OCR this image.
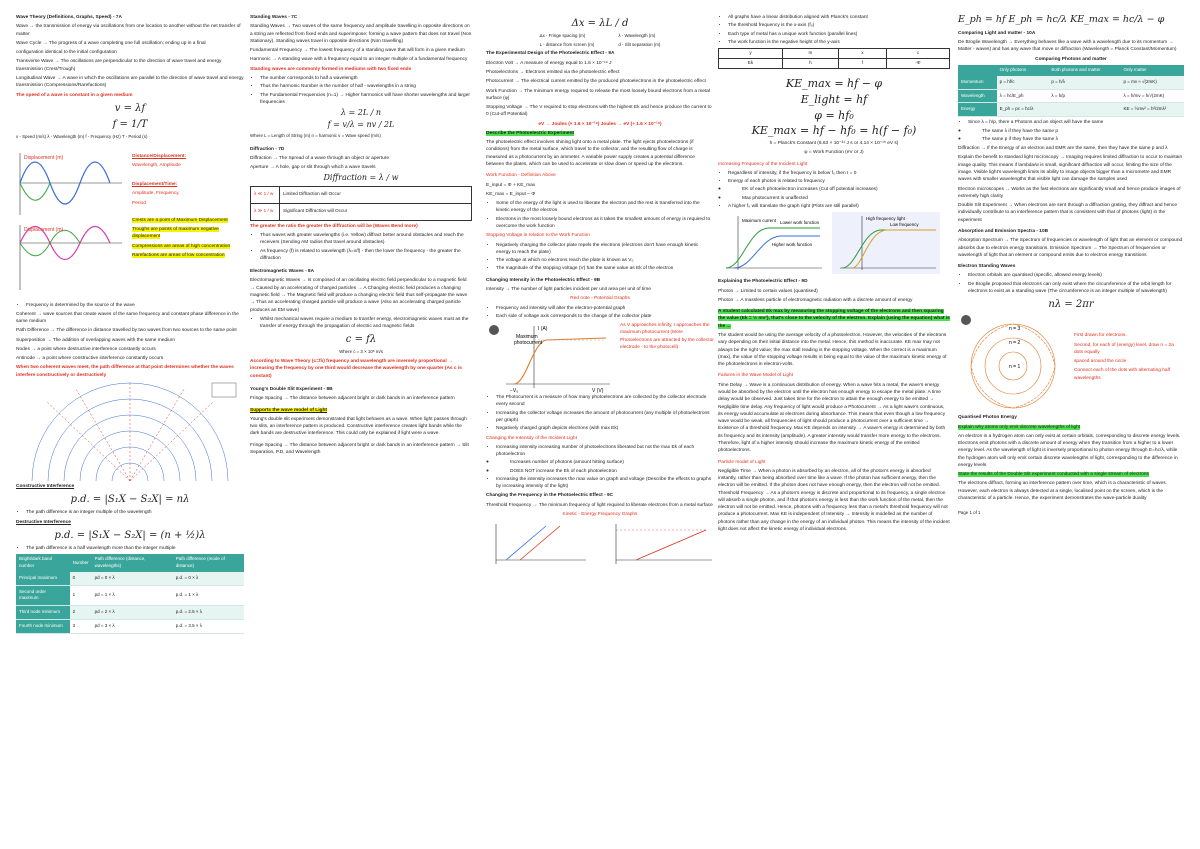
Wave Theory (Definitions, Graphs, Speed) - 7A

Wave → the transmission of energy via oscillations from one location to another without the net transfer of matter

Wave Cycle → The progress of a wave completing one full oscillation; ending up in a final

configuration identical to the initial configuration

Transverse Wave → The oscillations are perpendicular to the direction of wave travel and energy transmission (Crest/Trough)

Longitudinal Wave → A wave in which the oscillations are parallel to the direction of wave travel and energy transmission (Compressions/Rarefactions)

The speed of a wave is constant in a given medium

v = λf
f = 1/T

v - Speed (m/s) λ - Wavelength (m) f - Frequency (Hz) T - Period (s)

Displacement (m)
Displacement (m)

Distance/Displacement:

Wavelength, Amplitude

Displacement/Time:

Amplitude, Frequency,

Period

Crests are a point of Maximum Displacement

Troughs are points of maximum negative displacement

Compressions are areas of high concentration

Rarefactions are areas of low concentration

• Frequency is determined by the source of the wave

Coherent → wave sources that create waves of the same frequency and constant phase difference in the same medium

Path Difference → The difference in distance travelled by two waves from two sources to the same point

Superposition → The addition of overlapping waves with the same medium

Nodes → a point where destructive interference constantly occurs

Antinode → a point where constructive interference constantly occurs

When two coherent waves meet, the path difference at that point determines whether the waves interfere constructively or destructively

Constructive Interference

p.d. = |S₁X − S₂X| = nλ
• The path difference is an integer multiple of the wavelength

Destructive Interference

p.d. = |S₁X − S₂X| = (n + ½)λ
• The path difference is a half wavelength more than the integer multiple
Bright/dark band number	Number	Path difference (distance, wavelengths)	Path difference (mode of distance)
Principal maximum	0	pd = 0 × λ	p.d. = 0 × λ
Second order maximum	1	pd = 1 × λ	p.d. = 1 × λ
Third node minimum	2	pd = 2 × λ	p.d. = 2.5 × λ
Fourth node minimum	3	pd = 3 × λ	p.d. = 3.5 × λ

Standing Waves - 7C

Standing Waves → Two waves of the same frequency and amplitude travelling in opposite directions on a string are reflected from fixed ends and superimpose; forming a wave pattern that does not travel (Non Stationary). Standing waves travel in opposite directions (Non travelling)

Fundamental Frequency → The lowest frequency of a standing wave that will form in a given medium

Harmonic → A standing wave with a frequency equal to an integer multiple of a fundamental frequency

Standing waves are commonly formed in mediums with two fixed ends

• The number corresponds to half a wavelength
• Thus the harmonic Number is the number of half - wavelengths in a string
• The Fundamental Frequencies (n=1) → Higher harmonics will have shorter wavelengths and larger frequencies
λ = 2L / n
f = v/λ = nv / 2L

Where L = Length of String (m) n = harmonic v = Wave speed (m/s)

Diffraction - 7D

Diffraction → The Spread of a wave through an object or aperture

Aperture → A hole, gap or slit through which a wave travels

Diffraction = λ / w
λ ≪ 1 / w	Limited Diffraction will Occur
λ ≫ 1 / w	Significant Diffraction will Occur

The greater the ratio the greater the diffraction will be (Waves Bend more)

• Thus waves with greater wavelengths (i.e. Yellow) diffract better around obstacles and reach the receivers (Sending AM radios that travel around obstacles)
• As frequency (f) is related to wavelength (λ=v/f) - then the lower the frequency - the greater the diffraction

Electromagnetic Waves - 8A

Electromagnetic Waves → Is composed of an oscillating electric field perpendicular to a magnetic field → Caused by an accelerating of charged particles → A Changing electric field produces a changing magnetic field → The Magnetic field will produce a changing electric field thus self-propagate the wave → Thus an accelerating charged particle will produce a wave (Also an accelerating charged particle produces an EM wave)

• Whilst mechanical waves require a medium to transfer energy, electromagnetic waves must as the transfer of energy through the propagation of electric and magnetic fields
c = fλ

Where c = 3 × 10⁸ m/s

According to Wave Theory (c=fλ) frequency and wavelength are inversely proportional → increasing the frequency by one third would decrease the wavelength by one quarter (As c is constant)

Young's Double Slit Experiment - 8B

Fringe Spacing → The distance between adjacent bright or dark bands in an interference pattern

Supports the wave model of Light

Young's double slit experiment demonstrated that light behaves as a wave. When light passes through two slits, an interference pattern is produced. Constructive interference creates light bands while the dark bands are destructive interference. This could only be explained if light were a wave.

Fringe Spacing → The distance between adjacent bright or dark bands in an interference pattern → Slit Separation, P.D, and Wavelength

Δx = λL / d

Δx - Fringe spacing (m)

L - distance from screen (m)

λ - Wavelength (m)

d - Slit separation (m)

The Experimental Design of the Photoelectric Effect - 9A

Electron Volt → A measure of energy equal to 1.6 × 10⁻¹⁹ J

Photoelectrons → Electrons emitted via the photoelectric effect

Photocurrent → The electrical current emitted by the produced photoelectrons in the photoelectric effect

Work Function → The minimum energy required to release the most loosely bound electrons from a metal surface (φ)

Stopping Voltage → The V required to stop electrons with the highest Ek and hence produce the current to 0 (Cut-off Potential)

eV → Joules (× 1.6 × 10⁻¹⁹) Joules → eV (÷ 1.6 × 10⁻¹⁹)

Describe the Photoelectric Experiment

The photoelectric effect involves shining light onto a metal plate. The light ejects photoelectrons (if conditions) from the metal surface, which travel to the collector, and the resulting flow of charge is measured as a photocurrent by an ammeter. A variable power supply creates a potential difference between the plates, which can be used to accelerate or slow down or speed up the electrons.

Work Function - Definition Above

E_input = Φ + KE_max

KE_max = E_input − Φ

• Some of the energy of the light is used to liberate the electron and the rest is transferred into the kinetic energy of the electron
• Electrons in the most loosely bound electrons as it takes the smallest amount of energy is required to overcome the work function

Stopping Voltage in relation to the Work Function

• Negatively charging the collector plate repels the electrons (electrons don't have enough kinetic energy to reach the plate)
• The voltage at which no electrons reach the plate is known as V₀
• The magnitude of the stopping voltage (V) has the same value as Ek of the electron

Changing Intensity in the Photoelectric Effect - 9B

Intensity → The number of light particles incident per unit area per unit of time

Red note - Potential Graphs

• Frequency and intensity will alter the electron-potential graph
• Each side of voltage axis corresponds to the change of the collector plate
Maximum
photocurrent
−V₀	V (V)
I (A)

As V approaches infinity, I approaches the maximum photocurrent (More Photoelectrons are attracted by the collector electrode - to the photocell)

• The Photocurrent is a measure of how many photoelectrons are collected by the collector electrode every second
• Increasing the collector voltage increases the amount of photocurrent (any multiple of photoelectrons per graph)
• Negatively charged graph depicts electrons (with max Ek)

Changing the Intensity of the Incident Light

• Increasing intensity increasing number of photoelectrons liberated but not the max Ek of each photoelectron
◦ Increases number of photons (amount hitting surface)
◦ DOES NOT increase the Ek of each photoelectron
• Increasing the intensity increases the max value on graph and voltage (Describe the effects to graphs by increasing intensity of the light)

Changing the Frequency in the Photoelectric Effect - 9C

Threshold Frequency → The minimum frequency of light required to liberate electrons from a metal surface

Kinetic - Energy Frequency Graphs

• All graphs have a linear distribution aligned with Planck's constant
• The threshold frequency is the x-axis (f₀)
• Each type of metal has a unique work function (parallel lines)
• The work function is the negative height of the y-axis
y	m	x	c
Ek	h	f	-Φ
KE_max = hf − φ
E_light = hf
φ = hf₀
KE_max = hf − hf₀ = h(f − f₀)

h = Planck's Constant (6.63 × 10⁻³⁴ J s or 4.14 × 10⁻¹⁵ eV s)

φ = Work Function (eV or J)

Increasing Frequency of the Incident Light

• Regardless of intensity, if the frequency is below f₀ then I = 0
• Energy of each photon is related to frequency
◦ EK of each photoelectron increases (Cut off potential increases)
◦ Max photocurrent is unaffected
• A higher f₀ will translate the graph right (Plots are still parallel)
Maximum current Lower work function
Higher work function
Low frequency
High frequency light

Explaining the Photoelectric Effect - 9D

Photon → Limited to certain values (quantised)

Photon → A massless particle of electromagnetic radiation with a discrete amount of energy

A student calculated Ek max by measuring the stopping voltage of the electrons and then squaring the value (Ek = ½ mv²), that's close to the velocity of the electron. Explain (using the equation) what is the ...

The student would be using the average velocity of a photoelectron. However, the velocities of the electrons vary depending on their initial distance into the metal. Hence, this method is inaccurate. KE max may not always be the right value; the max stall reading is the stopping voltage. When the correct is a maximum (max), the value of the stopping voltage results in being equal to the value of the maximum kinetic energy of the photoelectrons in electron-volts.

Failures in the Wave Model of Light

Time Delay → Wave is a continuous distribution of energy. When a wave hits a metal, the wave's energy would be absorbed by the electron until the electron has enough energy to escape the metal plate. A time delay would be observed. Just takes time for the electron to attain the enough energy to be emitted → Negligible time delay. Any frequency of light would produce a Photocurrent → As a light wave's continuous, its energy would accumulate at electrons during absorbance. This means that even though a low frequency wave would be weak, all frequencies of light should produce a photocurrent over a sufficient time → Existence of a threshold frequency. Max KE depends on intensity → A wave's energy is determined by both its frequency and its intensity (amplitude). A greater intensity would transfer more energy to the electrons. Therefore, light of a higher intensity should increase the maximum kinetic energy of the emitted photoelectrons.

Particle model of Light

Negligible Time → When a photon is absorbed by an electron, all of the photon's energy is absorbed instantly, rather than being absorbed over time like a wave. If the photon has sufficient energy, then the electron will be emitted. If the photon does not have enough energy, then the electron will not be emitted. Threshold Frequency → As a photon's energy is discrete and proportional to its frequency, a single electron will absorb a single photon, and if that photon's energy is less than the work function of the metal, then the electron will not be emitted. Hence, photons with a frequency less than a metal's threshold frequency will not produce a photocurrent. Max KE is independent of Intensity → Intensity is modelled as the number of photons rather than any change in the energy of an individual photon. This means the intensity of the incident light does not affect the kinetic energy of individual electrons.

E_ph = hf E_ph = hc/λ KE_max = hc/λ − φ

Comparing Light and matter - 10A

De Broglie Wavelength → Everything behaves like a wave with a wavelength due to its momentum → Matter - waves) and has any wave that move or diffraction (Wavelength = Planck Constant/Momentum)

Comparing Photons and matter

	Only photons	Both photons and matter	Only matter
Momentum	p = hf/c	p = h/λ	p = mv ≈ √(2mK)
Wavelength	λ = hc/E_ph	λ = h/p	λ = h/mv = h/√(2mK)
Energy	E_ph = pc = hc/λ		KE = ½mv² = h²/2mλ²
• Since λ = h/p, there a Photons and an object will have the same
◦ The same λ if they have the same p
◦ The same p if they have the same λ

Diffraction → If the Energy of an electron and EMR are the same, then they have the same p and λ

Explain the benefit to standard light microscopy → Imaging requires limited diffraction to occur to maintain image quality. This means if lambda/w is small, significant diffraction will occur, limiting the size of the image. Visible light's wavelength limits its ability to image objects bigger than a micrometre and EMR waves with smaller wavelengths that visible light can damage the samples used

Electron microscopes → Works as the fast electrons are significantly small and hence produce images of extremely high clarity

Double Slit Experiment → When electrons are sent through a diffraction grating, they diffract and hence individually contribute to an interference pattern that is consistent with that of photons (light) in the experiment

Absorption and Emission Spectra - 10B

Absorption Spectrum → The Spectrum of frequencies or wavelength of light that an element or compound absorbs due to electron energy transitions. Emission Spectrum → The Spectrum of frequencies or wavelength of light that an element or compound emits due to electron energy transitions

Electron Standing Waves

• Electron orbitals are quantised (specific, allowed energy levels)
• De Broglie proposed that electrons can only exist where the circumference of the orbit length for electrons to exist as a standing wave (The circumference is an integer multiple of wavelength)
nλ = 2πr
n = 1
n = 2
n = 3

First drawn for electrons.

Second, for each of (energy) level, draw n = 2a dots equally

spaced around the circle

Connect each of the dots with alternating half wavelengths

Quantised Photon Energy

Explain why atoms only emit discrete wavelengths of light

An electron in a hydrogen atom can only exist at certain orbitals, corresponding to discrete energy levels. Electrons emit photons with a discrete amount of energy when they transition from a higher to a lower energy level. As the wavelength of light is inversely proportional to photon energy through E=hc/λ, while the hydrogen atom will only emit certain discrete wavelengths of light, corresponding to the difference in energy levels

State the results of the Double Slit experiment conducted with a single stream of electrons

The electrons diffract, forming an interference pattern over time, which is a characteristic of waves. However, each electron is always detected at a single, localised point on the screen, which is the characteristic of a particle. Hence, the experiment demonstrates the wave-particle duality

Page 1 of 1
